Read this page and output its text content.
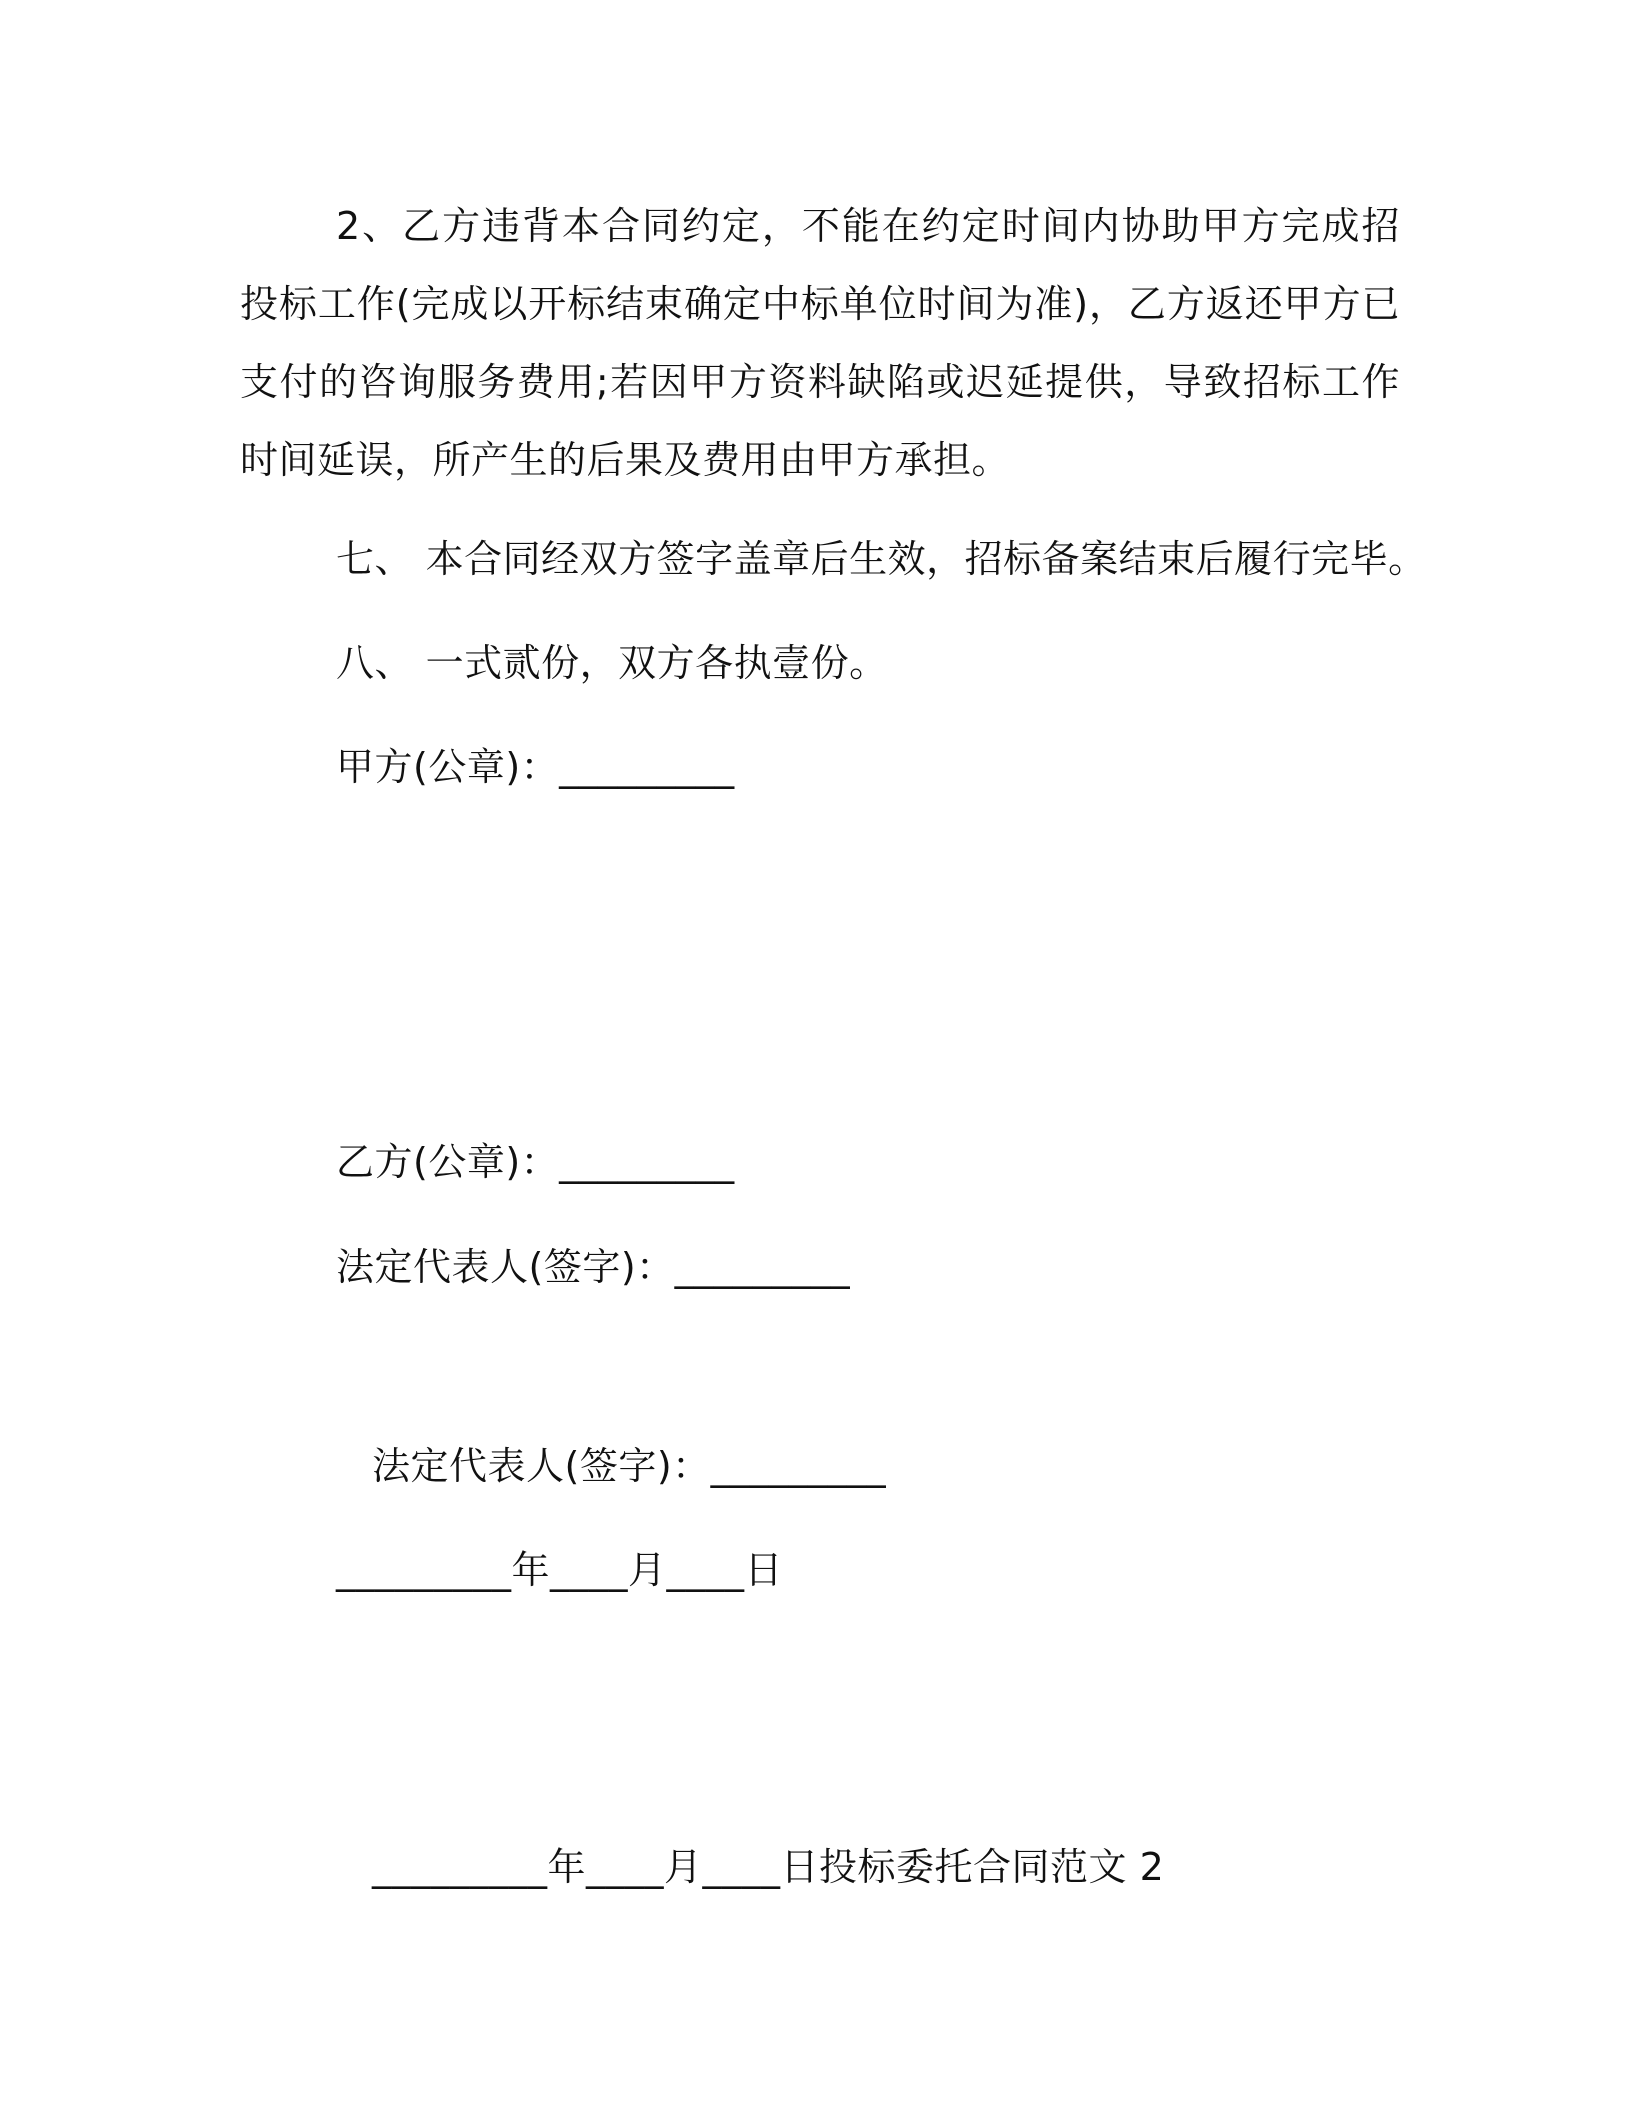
2、乙方违背本合同约定，不能在约定时间内协助甲方完成招投标工作(完成以开标结束确定中标单位时间为准)，乙方返还甲方已支付的咨询服务费用;若因甲方资料缺陷或迟延提供，导致招标工作时间延误，所产生的后果及费用由甲方承担。
七、 本合同经双方签字盖章后生效，招标备案结束后履行完毕。
八、 一式贰份，双方各执壹份。
甲方(公章)：_________
乙方(公章)：_________
法定代表人(签字)：_________
法定代表人(签字)：_________
_________年____月____日
_________年____月____日投标委托合同范文 2
